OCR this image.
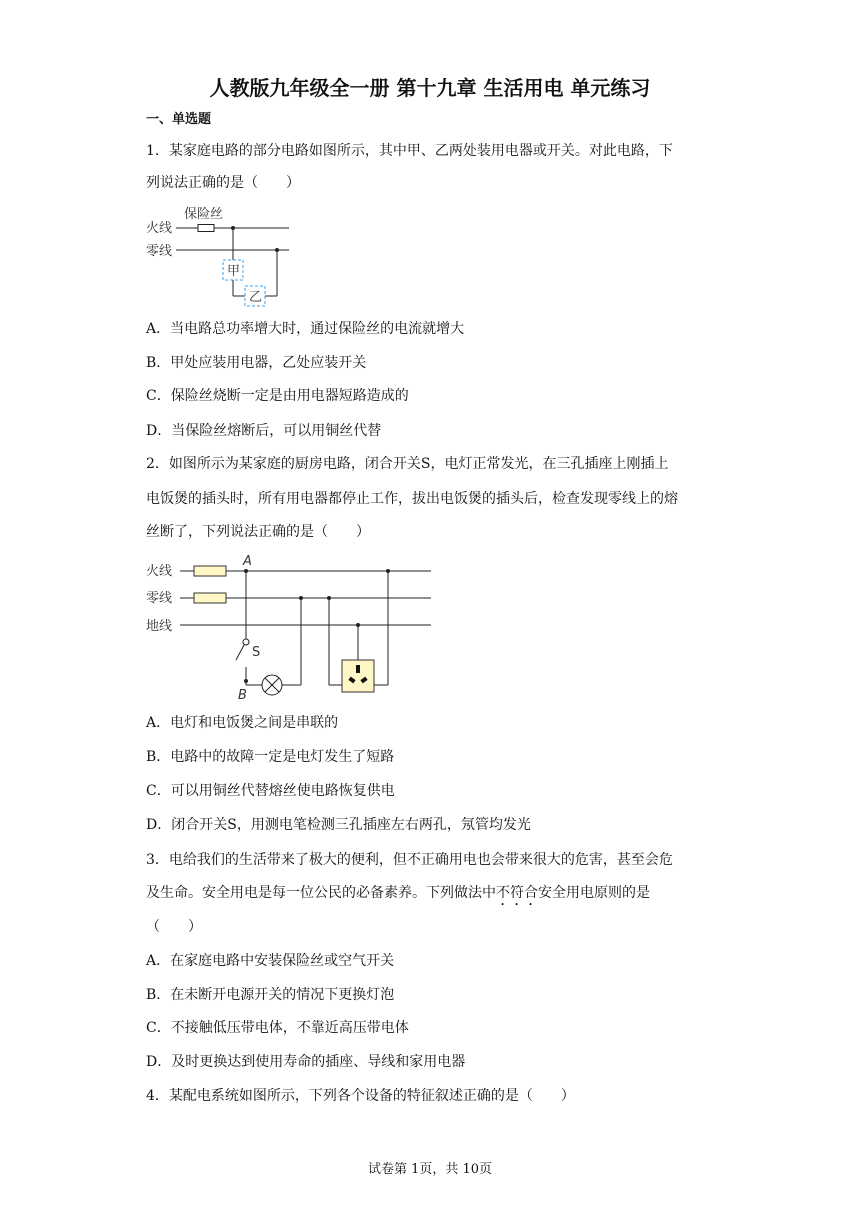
人教版九年级全一册 第十九章 生活用电 单元练习
一、单选题
1．某家庭电路的部分电路如图所示，其中甲、乙两处装用电器或开关。对此电路，下
列说法正确的是（　　）
保险丝
火线
零线
甲
乙
A．当电路总功率增大时，通过保险丝的电流就增大
B．甲处应装用电器，乙处应装开关
C．保险丝烧断一定是由用电器短路造成的
D．当保险丝熔断后，可以用铜丝代替
2．如图所示为某家庭的厨房电路，闭合开关S，电灯正常发光，在三孔插座上刚插上
电饭煲的插头时，所有用电器都停止工作，拔出电饭煲的插头后，检查发现零线上的熔
丝断了，下列说法正确的是（　　）
火线
零线
地线
A
S
B
A．电灯和电饭煲之间是串联的
B．电路中的故障一定是电灯发生了短路
C．可以用铜丝代替熔丝使电路恢复供电
D．闭合开关S，用测电笔检测三孔插座左右两孔，氖管均发光
3．电给我们的生活带来了极大的便利，但不正确用电也会带来很大的危害，甚至会危
及生命。安全用电是每一位公民的必备素养。下列做法中不符合安全用电原则的是
（　　）
A．在家庭电路中安装保险丝或空气开关
B．在未断开电源开关的情况下更换灯泡
C．不接触低压带电体，不靠近高压带电体
D．及时更换达到使用寿命的插座、导线和家用电器
4．某配电系统如图所示，下列各个设备的特征叙述正确的是（　　）
试卷第 1页，共 10页
